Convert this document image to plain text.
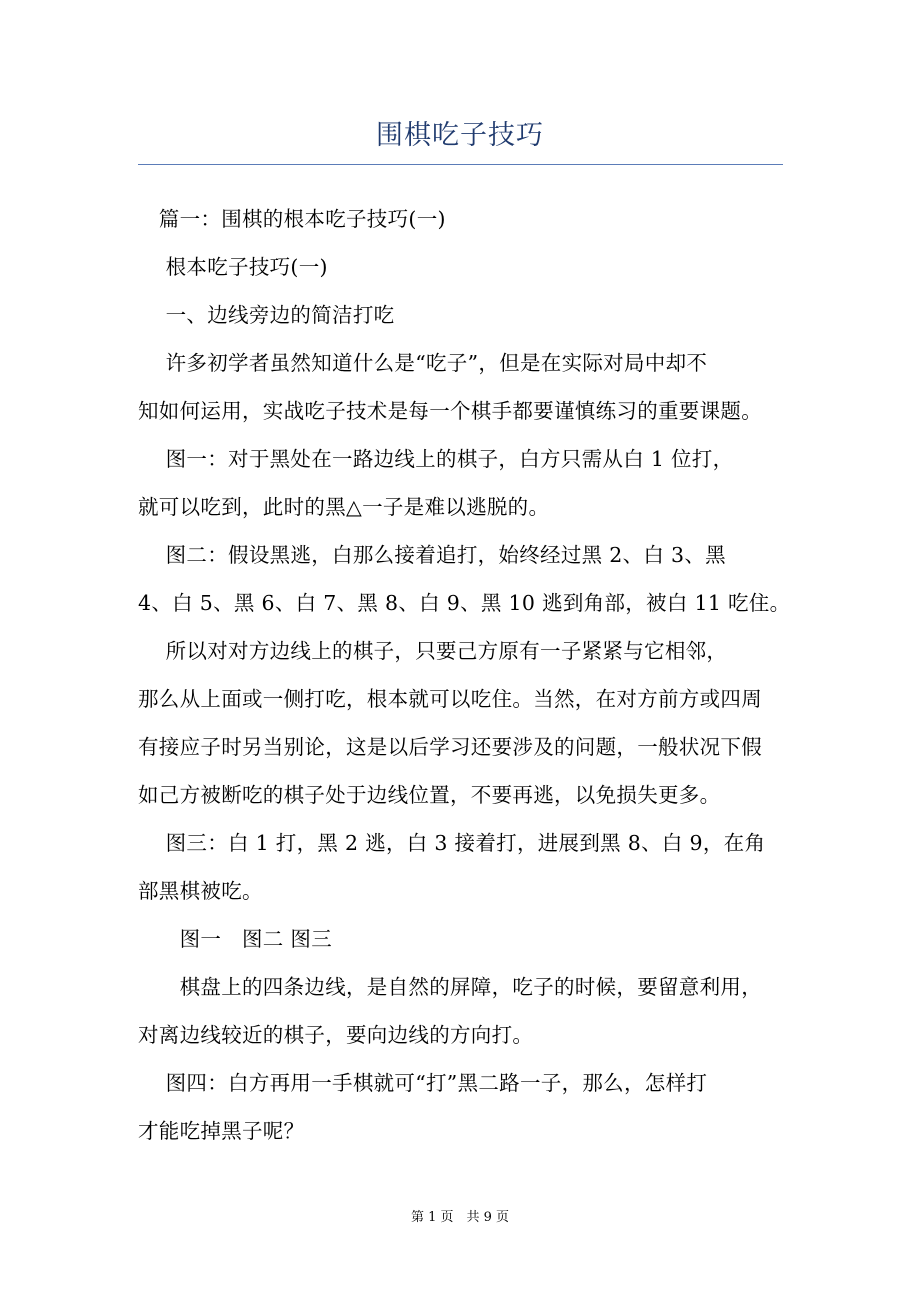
围棋吃子技巧
　篇一：围棋的根本吃子技巧(一)
　 根本吃子技巧(一)
　 一、边线旁边的简洁打吃
　 许多初学者虽然知道什么是“吃子”，但是在实际对局中却不
知如何运用，实战吃子技术是每一个棋手都要谨慎练习的重要课题。
　 图一：对于黑处在一路边线上的棋子，白方只需从白 1 位打，
就可以吃到，此时的黑△一子是难以逃脱的。
　 图二：假设黑逃，白那么接着追打，始终经过黑 2、白 3、黑
4、白 5、黑 6、白 7、黑 8、白 9、黑 10 逃到角部，被白 11 吃住。
　 所以对对方边线上的棋子，只要己方原有一子紧紧与它相邻，
那么从上面或一侧打吃，根本就可以吃住。当然，在对方前方或四周
有接应子时另当别论，这是以后学习还要涉及的问题，一般状况下假
如己方被断吃的棋子处于边线位置，不要再逃，以免损失更多。
　 图三：白 1 打，黑 2 逃，白 3 接着打，进展到黑 8、白 9，在角
部黑棋被吃。
　　图一　图二 图三
　　棋盘上的四条边线，是自然的屏障，吃子的时候，要留意利用，
对离边线较近的棋子，要向边线的方向打。
　 图四：白方再用一手棋就可“打”黑二路一子，那么，怎样打
才能吃掉黑子呢？
第 1 页　共 9 页
